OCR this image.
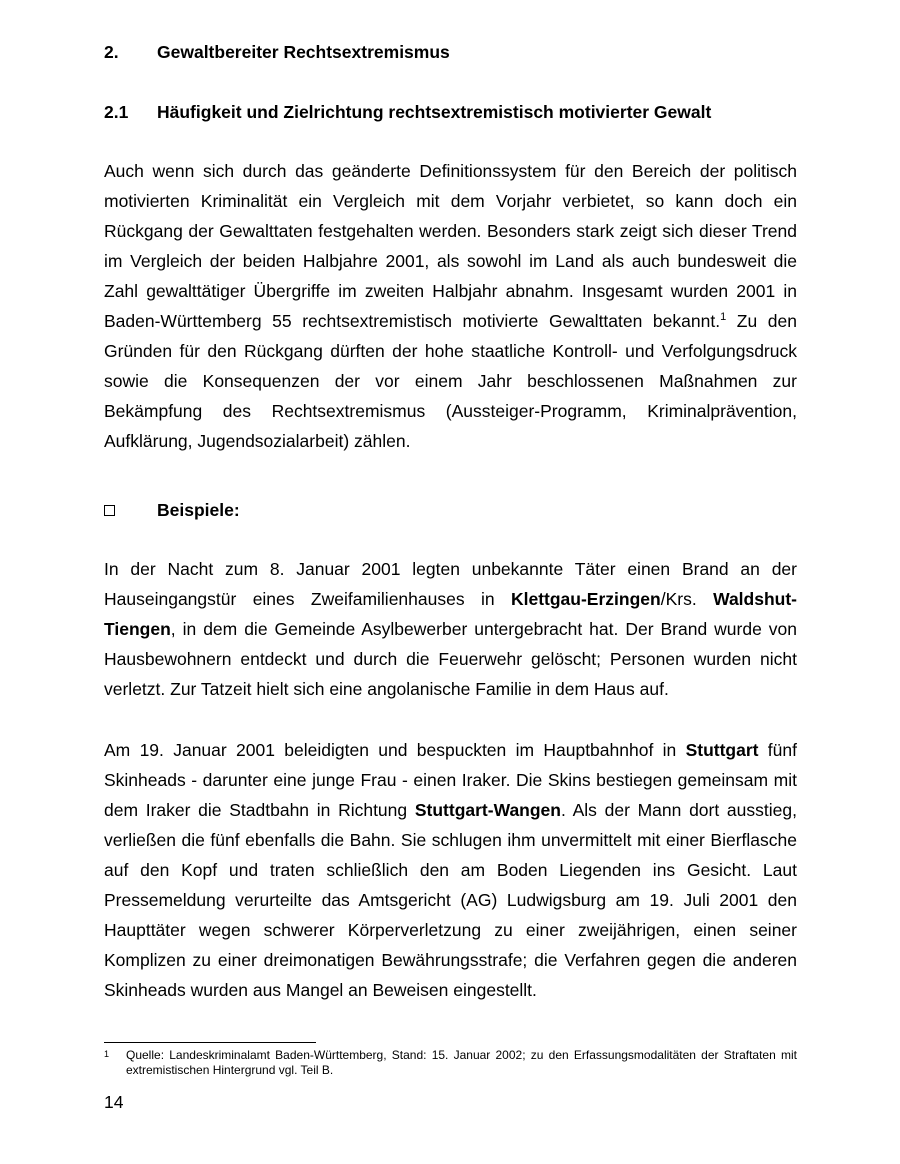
2.	Gewaltbereiter Rechtsextremismus
2.1	Häufigkeit und Zielrichtung rechtsextremistisch motivierter Gewalt

Auch wenn sich durch das geänderte Definitionssystem für den Bereich der politisch motivierten Kriminalität ein Vergleich mit dem Vorjahr verbietet, so kann doch ein Rückgang der Gewalttaten festgehalten werden. Besonders stark zeigt sich dieser Trend im Vergleich der beiden Halbjahre 2001, als sowohl im Land als auch bundesweit die Zahl gewalttätiger Übergriffe im zweiten Halbjahr abnahm. Insgesamt wurden 2001 in Baden-Württemberg 55 rechtsextremistisch motivierte Gewalttaten bekannt.$^1$ Zu den Gründen für den Rückgang dürften der hohe staatliche Kontroll- und Verfolgungsdruck sowie die Konsequenzen der vor einem Jahr beschlossenen Maßnahmen zur Bekämpfung des Rechtsextremismus (Aussteiger-Programm, Kriminalprävention, Aufklärung, Jugendsozialarbeit) zählen.

Beispiele:

In der Nacht zum 8. Januar 2001 legten unbekannte Täter einen Brand an der Hauseingangstür eines Zweifamilienhauses in Klettgau-Erzingen/Krs. Waldshut-Tiengen, in dem die Gemeinde Asylbewerber untergebracht hat. Der Brand wurde von Hausbewohnern entdeckt und durch die Feuerwehr gelöscht; Personen wurden nicht verletzt. Zur Tatzeit hielt sich eine angolanische Familie in dem Haus auf.

Am 19. Januar 2001 beleidigten und bespuckten im Hauptbahnhof in Stuttgart fünf Skinheads - darunter eine junge Frau - einen Iraker. Die Skins bestiegen gemeinsam mit dem Iraker die Stadtbahn in Richtung Stuttgart-Wangen. Als der Mann dort ausstieg, verließen die fünf ebenfalls die Bahn. Sie schlugen ihm unvermittelt mit einer Bierflasche auf den Kopf und traten schließlich den am Boden Liegenden ins Gesicht. Laut Pressemeldung verurteilte das Amtsgericht (AG) Ludwigsburg am 19. Juli 2001 den Haupttäter wegen schwerer Körperverletzung zu einer zweijährigen, einen seiner Komplizen zu einer dreimonatigen Bewährungsstrafe; die Verfahren gegen die anderen Skinheads wurden aus Mangel an Beweisen eingestellt.

1	Quelle: Landeskriminalamt Baden-Württemberg, Stand: 15. Januar 2002; zu den Erfassungsmodalitäten der Straftaten mit extremistischen Hintergrund vgl. Teil B.
14
